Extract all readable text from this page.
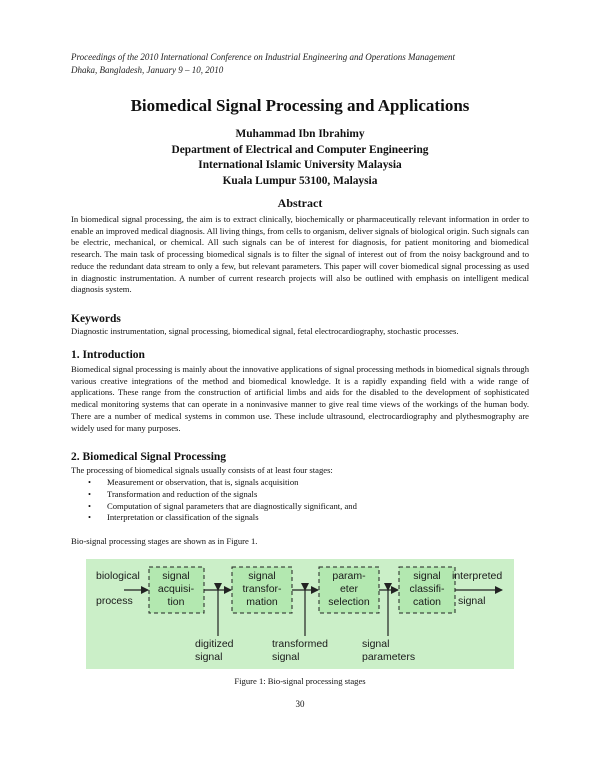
Proceedings of the 2010 International Conference on Industrial Engineering and Operations Management
Dhaka, Bangladesh, January 9 – 10, 2010
Biomedical Signal Processing and Applications
Muhammad Ibn Ibrahimy
Department of Electrical and Computer Engineering
International Islamic University Malaysia
Kuala Lumpur 53100, Malaysia
Abstract
In biomedical signal processing, the aim is to extract clinically, biochemically or pharmaceutically relevant information in order to enable an improved medical diagnosis. All living things, from cells to organism, deliver signals of biological origin. Such signals can be electric, mechanical, or chemical. All such signals can be of interest for diagnosis, for patient monitoring and biomedical research. The main task of processing biomedical signals is to filter the signal of interest out of from the noisy background and to reduce the redundant data stream to only a few, but relevant parameters. This paper will cover biomedical signal processing as used in diagnostic instrumentation. A number of current research projects will also be outlined with emphasis on intelligent medical diagnosis system.
Keywords
Diagnostic instrumentation, signal processing, biomedical signal, fetal electrocardiography, stochastic processes.
1. Introduction
Biomedical signal processing is mainly about the innovative applications of signal processing methods in biomedical signals through various creative integrations of the method and biomedical knowledge. It is a rapidly expanding field with a wide range of applications. These range from the construction of artificial limbs and aids for the disabled to the development of sophisticated medical monitoring systems that can operate in a noninvasive manner to give real time views of the workings of the human body. There are a number of medical systems in common use. These include ultrasound, electrocardiography and plythesmography are widely used for many purposes.
2. Biomedical Signal Processing
The processing of biomedical signals usually consists of at least four stages:
• Measurement or observation, that is, signals acquisition
• Transformation and reduction of the signals
• Computation of signal parameters that are diagnostically significant, and
• Interpretation or classification of the signals
Bio-signal processing stages are shown as in Figure 1.
biological
process
signal
acquisi-
tion
signal
transfor-
mation
param-
eter
selection
signal
classifi-
cation
interpreted
signal
digitized
signal
transformed
signal
signal
parameters
Figure 1: Bio-signal processing stages
30
